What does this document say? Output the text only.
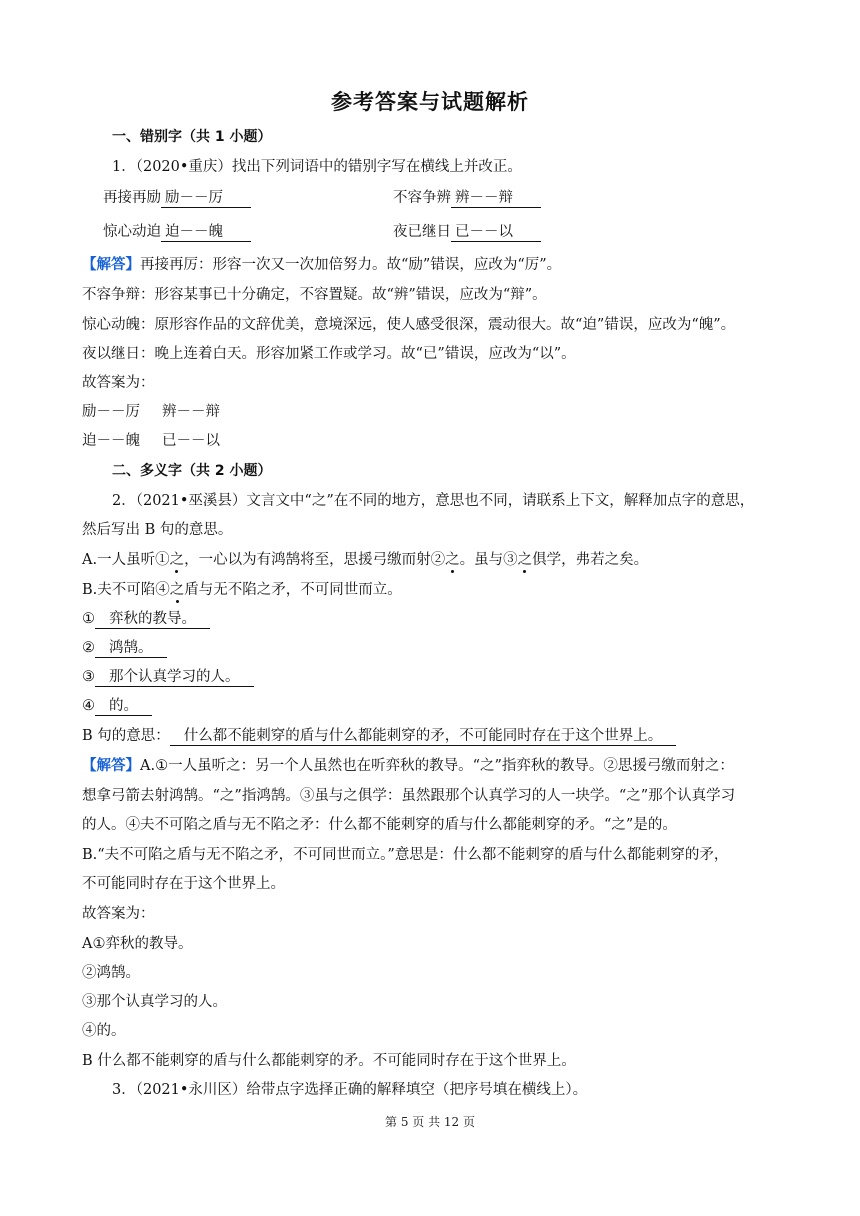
参考答案与试题解析
一、错别字（共 1 小题）
1．（2020•重庆）找出下列词语中的错别字写在横线上并改正。
再接再励 励－－厉	不容争辨 辨－－辩
惊心动迫 迫－－魄	夜已继日 已－－以
【解答】再接再厉：形容一次又一次加倍努力。故“励”错误，应改为“厉”。
不容争辩：形容某事已十分确定，不容置疑。故“辨”错误，应改为“辩”。
惊心动魄：原形容作品的文辞优美，意境深远，使人感受很深，震动很大。故“迫”错误，应改为“魄”。
夜以继日：晚上连着白天。形容加紧工作或学习。故“已”错误，应改为“以”。
故答案为：
励－－厉 辨－－辩
迫－－魄 已－－以
二、多义字（共 2 小题）
2．（2021•巫溪县）文言文中“之”在不同的地方，意思也不同，请联系上下文，解释加点字的意思，
然后写出 B 句的意思。
A.一人虽听①之，一心以为有鸿鹄将至，思援弓缴而射②之。虽与③之俱学，弗若之矣。
B.夫不可陷④之盾与无不陷之矛，不可同世而立。
① 弈秋的教导。
② 鸿鹄。
③ 那个认真学习的人。
④ 的。
B 句的意思： 什么都不能刺穿的盾与什么都能刺穿的矛，不可能同时存在于这个世界上。
【解答】A.①一人虽听之：另一个人虽然也在听弈秋的教导。“之”指弈秋的教导。②思援弓缴而射之：
想拿弓箭去射鸿鹄。“之”指鸿鹄。③虽与之俱学：虽然跟那个认真学习的人一块学。“之”那个认真学习
的人。④夫不可陷之盾与无不陷之矛：什么都不能刺穿的盾与什么都能刺穿的矛。“之”是的。
B.“夫不可陷之盾与无不陷之矛，不可同世而立。”意思是：什么都不能刺穿的盾与什么都能刺穿的矛，
不可能同时存在于这个世界上。
故答案为：
A①弈秋的教导。
②鸿鹄。
③那个认真学习的人。
④的。
B 什么都不能刺穿的盾与什么都能刺穿的矛。不可能同时存在于这个世界上。
3．（2021•永川区）给带点字选择正确的解释填空（把序号填在横线上）。
第 5 页 共 12 页
